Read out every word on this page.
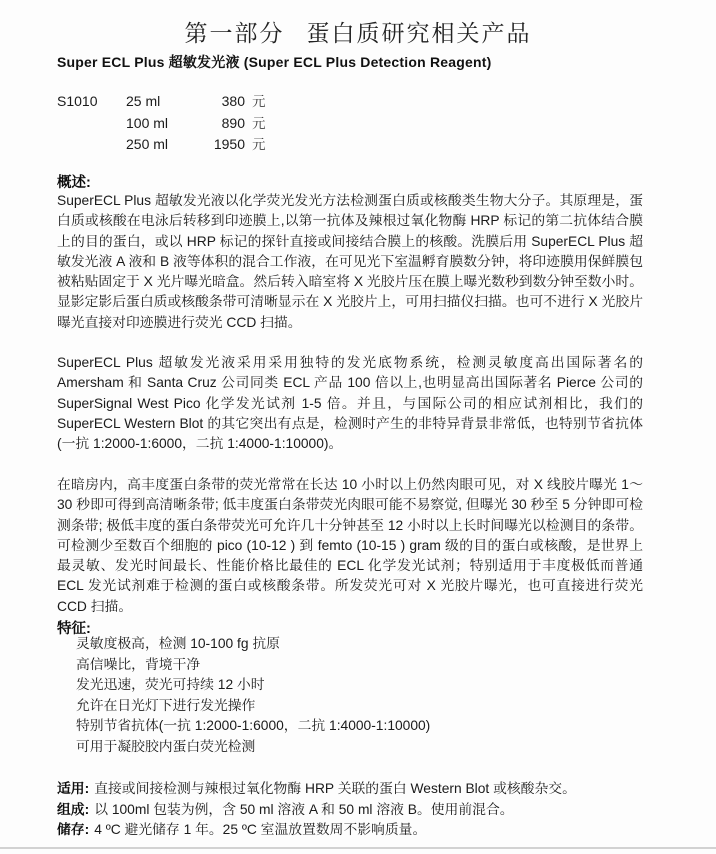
第一部分 蛋白质研究相关产品
Super ECL Plus 超敏发光液 (Super ECL Plus Detection Reagent)
S1010	25 ml	380 元
100 ml	890 元
250 ml	1950 元
概述:
SuperECL Plus 超敏发光液以化学荧光发光方法检测蛋白质或核酸类生物大分子。其原理是，蛋白质或核酸在电泳后转移到印迹膜上,以第一抗体及辣根过氧化物酶 HRP 标记的第二抗体结合膜上的目的蛋白，或以 HRP 标记的探针直接或间接结合膜上的核酸。洗膜后用 SuperECL Plus 超敏发光液 A 液和 B 液等体积的混合工作液，在可见光下室温孵育膜数分钟，将印迹膜用保鲜膜包被粘贴固定于 X 光片曝光暗盒。然后转入暗室将 X 光胶片压在膜上曝光数秒到数分钟至数小时。显影定影后蛋白质或核酸条带可清晰显示在 X 光胶片上，可用扫描仪扫描。也可不进行 X 光胶片曝光直接对印迹膜进行荧光 CCD 扫描。
SuperECL Plus 超敏发光液采用采用独特的发光底物系统，检测灵敏度高出国际著名的 Amersham 和 Santa Cruz 公司同类 ECL 产品 100 倍以上,也明显高出国际著名 Pierce 公司的 SuperSignal West Pico 化学发光试剂 1-5 倍。并且，与国际公司的相应试剂相比，我们的 SuperECL Western Blot 的其它突出有点是，检测时产生的非特异背景非常低，也特别节省抗体(一抗 1:2000-1:6000，二抗 1:4000-1:10000)。
在暗房内，高丰度蛋白条带的荧光常常在长达 10 小时以上仍然肉眼可见，对 X 线胶片曝光 1～30 秒即可得到高清晰条带; 低丰度蛋白条带荧光肉眼可能不易察觉, 但曝光 30 秒至 5 分钟即可检测条带; 极低丰度的蛋白条带荧光可允许几十分钟甚至 12 小时以上长时间曝光以检测目的条带。可检测少至数百个细胞的 pico (10-12 ) 到 femto (10-15 ) gram 级的目的蛋白或核酸，是世界上最灵敏、发光时间最长、性能价格比最佳的 ECL 化学发光试剂；特别适用于丰度极低而普通 ECL 发光试剂难于检测的蛋白或核酸条带。所发荧光可对 X 光胶片曝光，也可直接进行荧光 CCD 扫描。
特征:
灵敏度极高，检测 10-100 fg 抗原
高信噪比，背境干净
发光迅速，荧光可持续 12 小时
允许在日光灯下进行发光操作
特别节省抗体(一抗 1:2000-1:6000，二抗 1:4000-1:10000)
可用于凝胶胶内蛋白荧光检测
适用: 直接或间接检测与辣根过氧化物酶 HRP 关联的蛋白 Western Blot 或核酸杂交。
组成: 以 100ml 包装为例，含 50 ml 溶液 A 和 50 ml 溶液 B。使用前混合。
储存: 4 ºC 避光储存 1 年。25 ºC 室温放置数周不影响质量。
